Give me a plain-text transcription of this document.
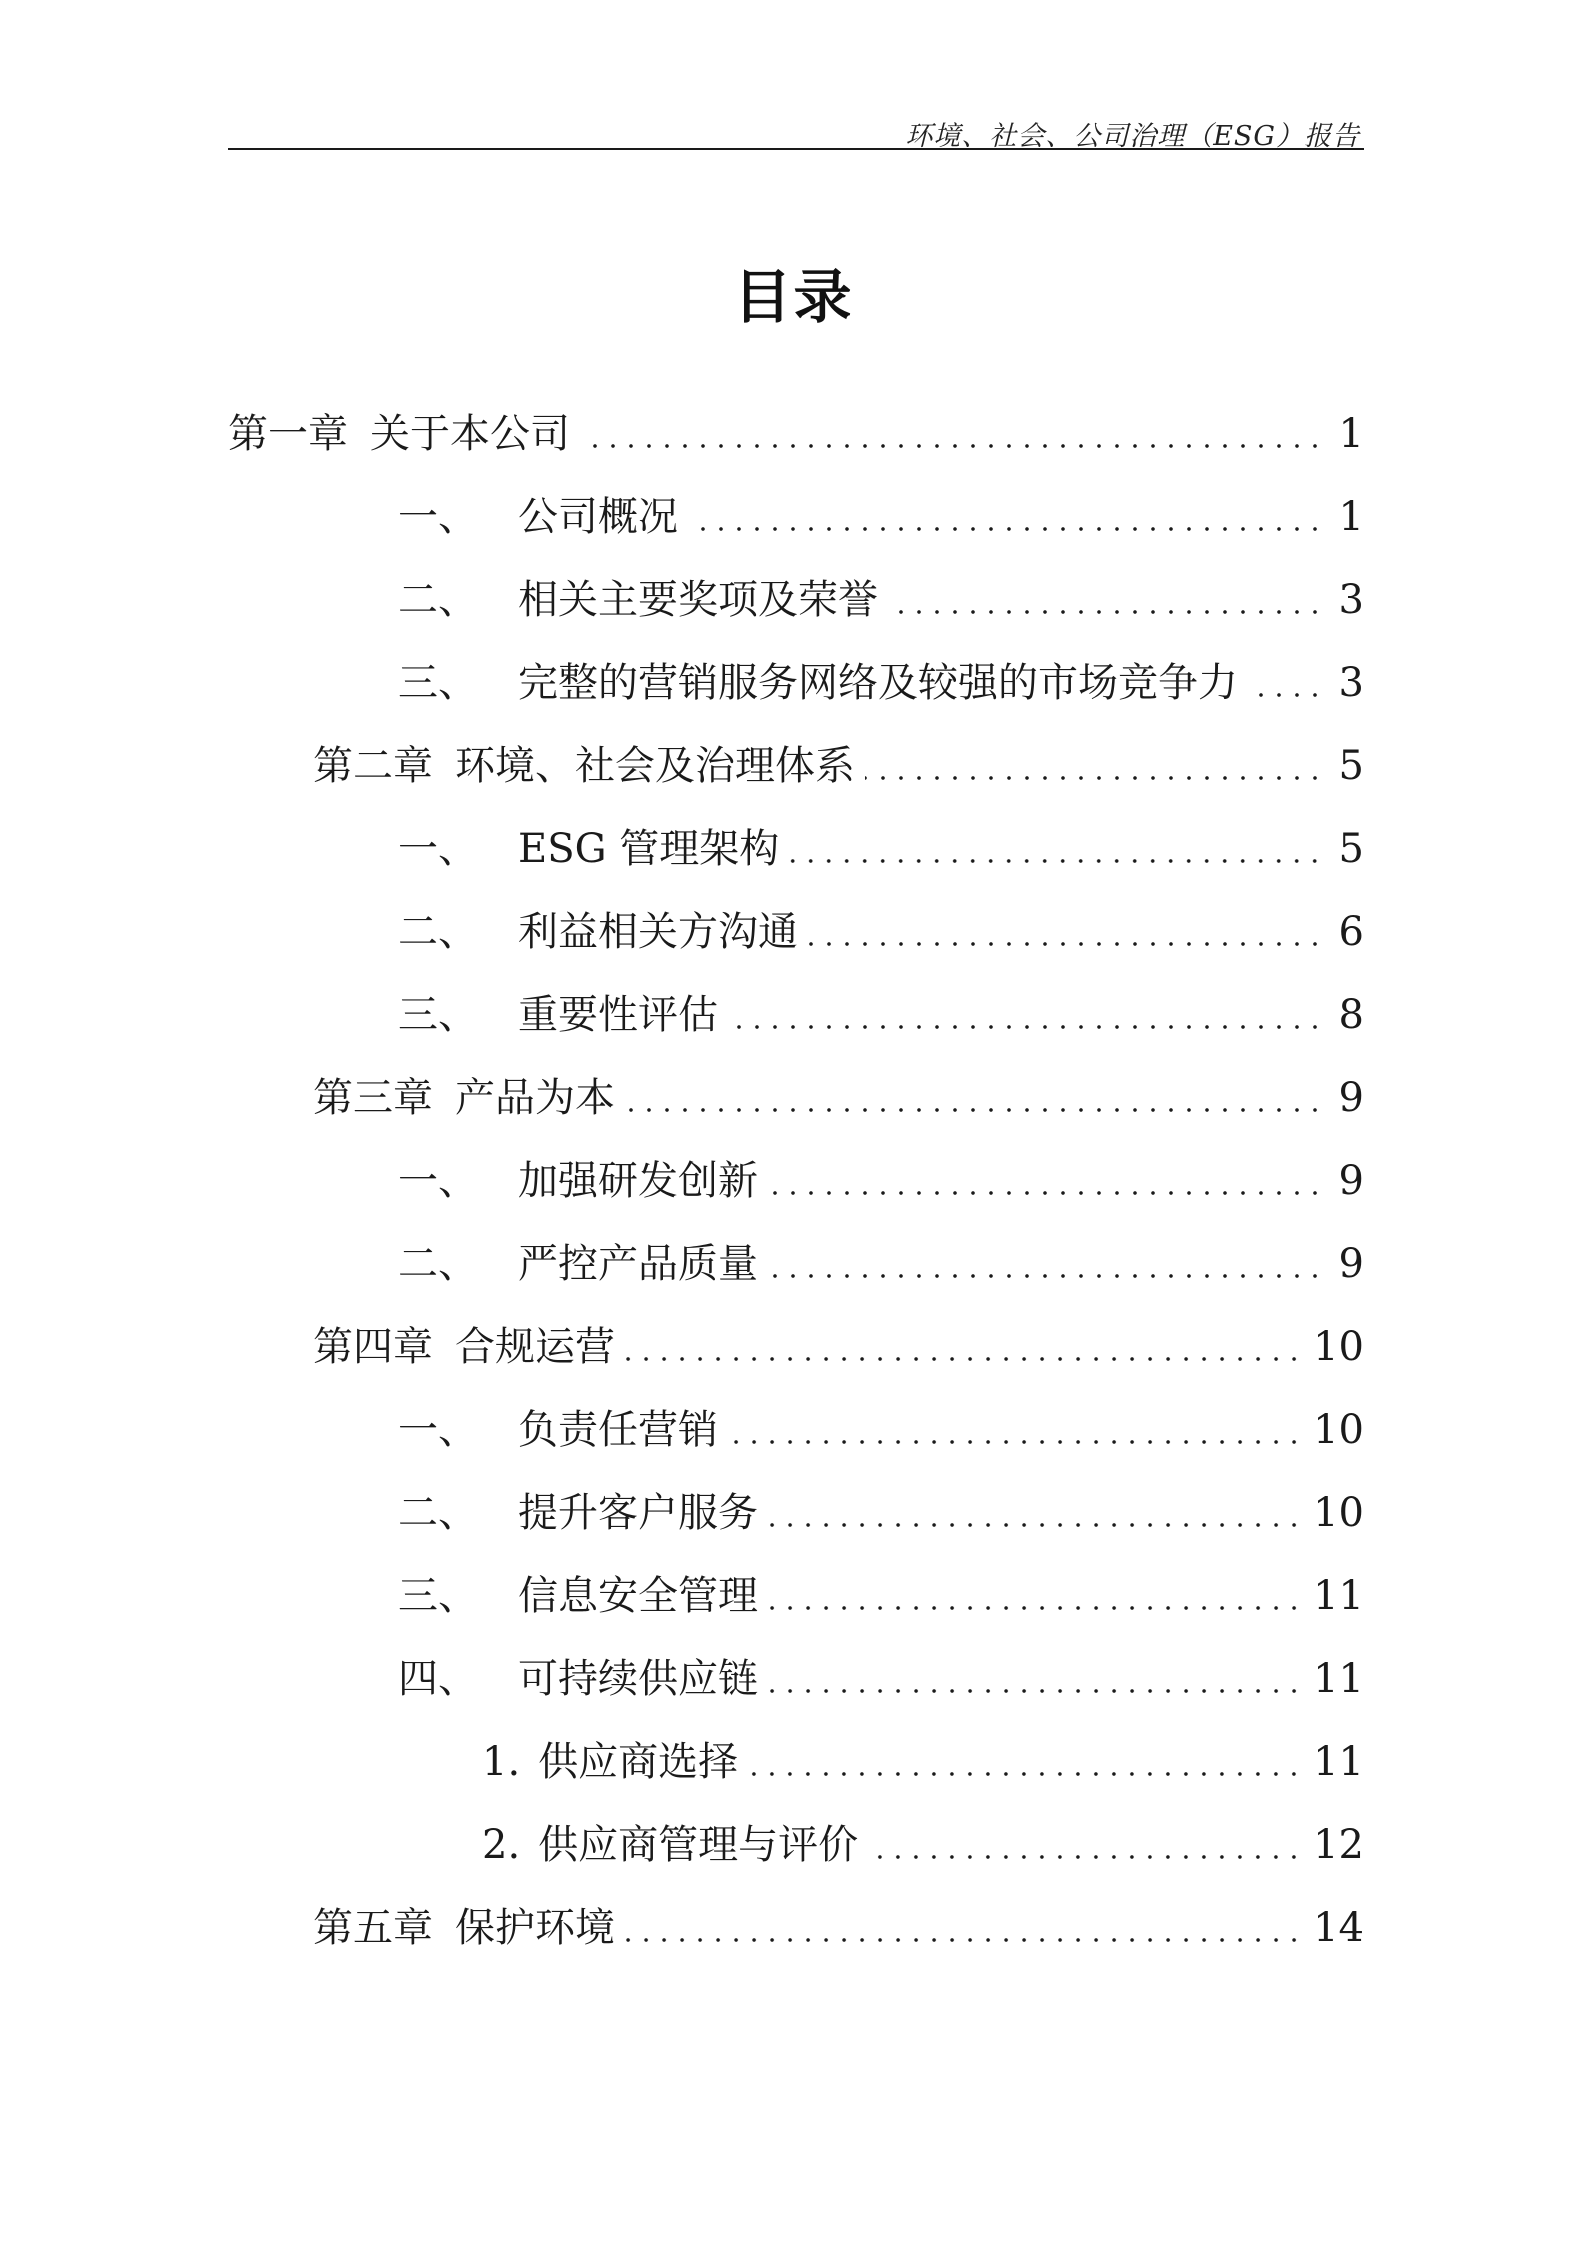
环境、社会、公司治理（ESG）报告
目录
第一章 关于本公司	1
一、 公司概况	1
二、 相关主要奖项及荣誉	3
三、 完整的营销服务网络及较强的市场竞争力	3
第二章 环境、社会及治理体系	5
一、 ESG 管理架构	5
二、 利益相关方沟通	6
三、 重要性评估	8
第三章 产品为本	9
一、 加强研发创新	9
二、 严控产品质量	9
第四章 合规运营	10
一、 负责任营销	10
二、 提升客户服务	10
三、 信息安全管理	11
四、 可持续供应链	11
1. 供应商选择	11
2. 供应商管理与评价	12
第五章 保护环境	14
